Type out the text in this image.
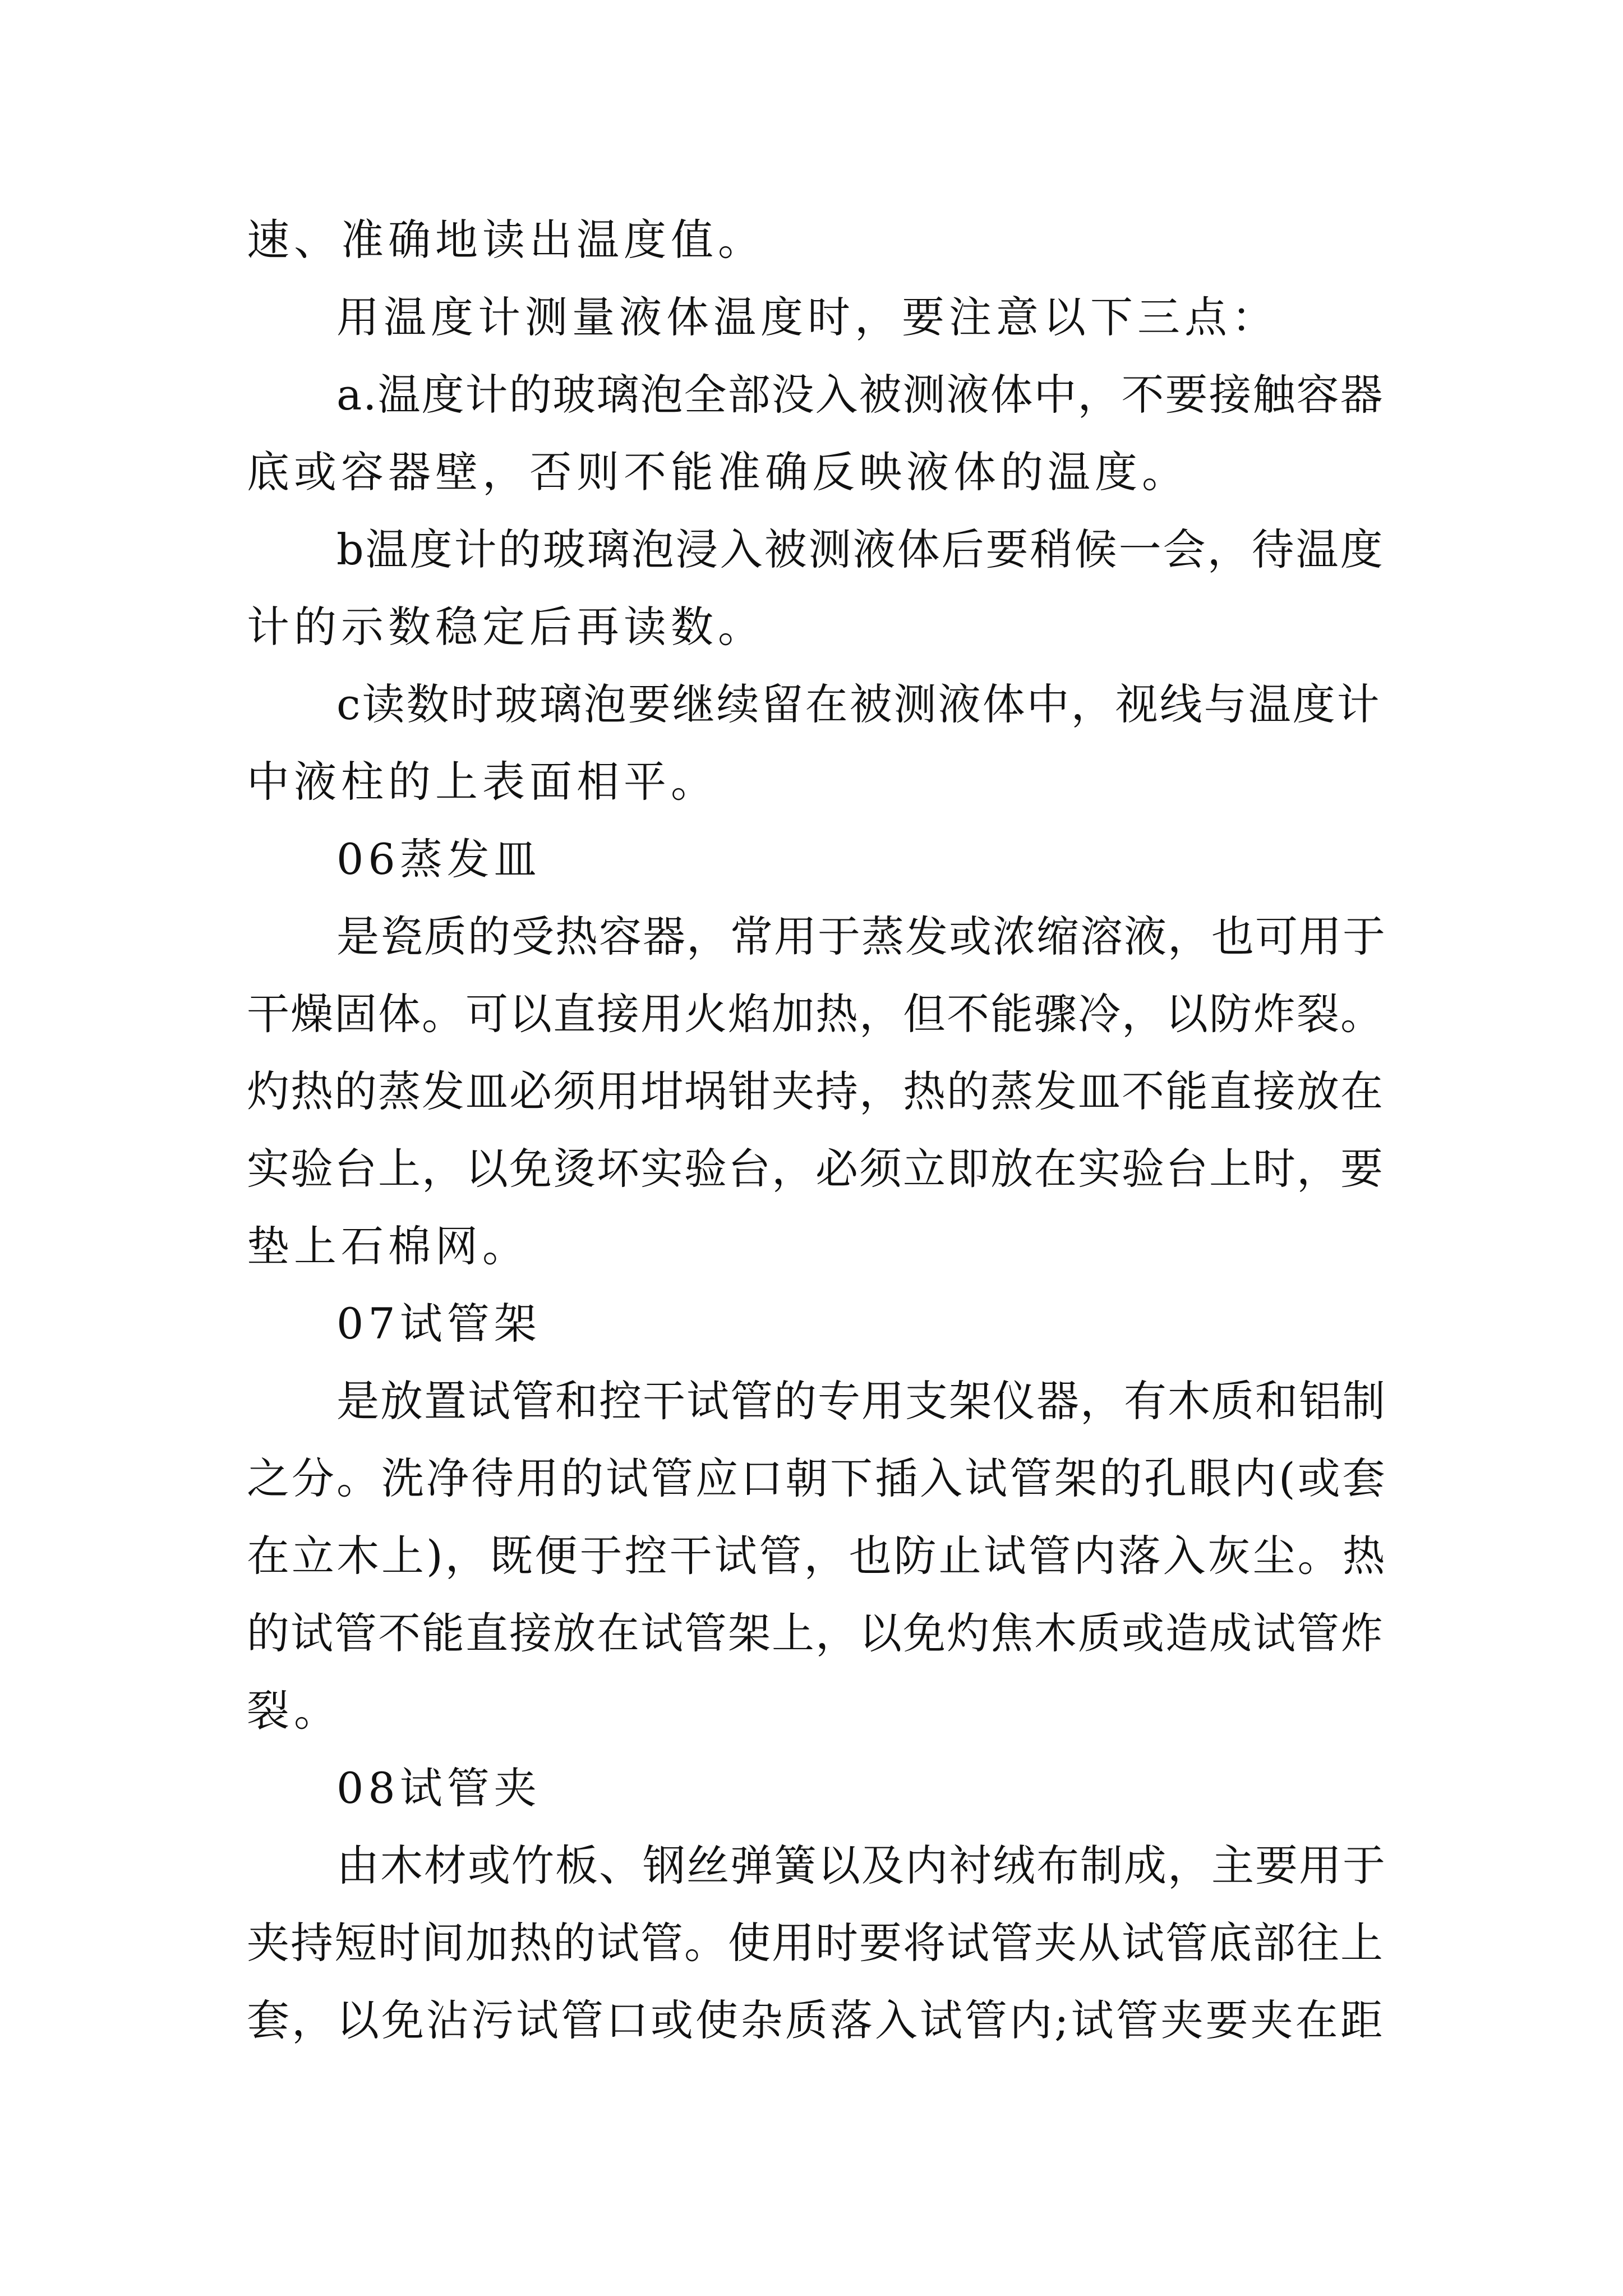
速、准确地读出温度值。
用温度计测量液体温度时，要注意以下三点：
a.温度计的玻璃泡全部没入被测液体中，不要接触容器
底或容器壁，否则不能准确反映液体的温度。
b温度计的玻璃泡浸入被测液体后要稍候一会，待温度
计的示数稳定后再读数。
c读数时玻璃泡要继续留在被测液体中，视线与温度计
中液柱的上表面相平。
06蒸发皿
是瓷质的受热容器，常用于蒸发或浓缩溶液，也可用于
干燥固体。可以直接用火焰加热，但不能骤冷，以防炸裂。
灼热的蒸发皿必须用坩埚钳夹持，热的蒸发皿不能直接放在
实验台上，以免烫坏实验台，必须立即放在实验台上时，要
垫上石棉网。
07试管架
是放置试管和控干试管的专用支架仪器，有木质和铝制
之分。洗净待用的试管应口朝下插入试管架的孔眼内(或套
在立木上)，既便于控干试管，也防止试管内落入灰尘。热
的试管不能直接放在试管架上，以免灼焦木质或造成试管炸
裂。
08试管夹
由木材或竹板、钢丝弹簧以及内衬绒布制成，主要用于
夹持短时间加热的试管。使用时要将试管夹从试管底部往上
套，以免沾污试管口或使杂质落入试管内;试管夹要夹在距
